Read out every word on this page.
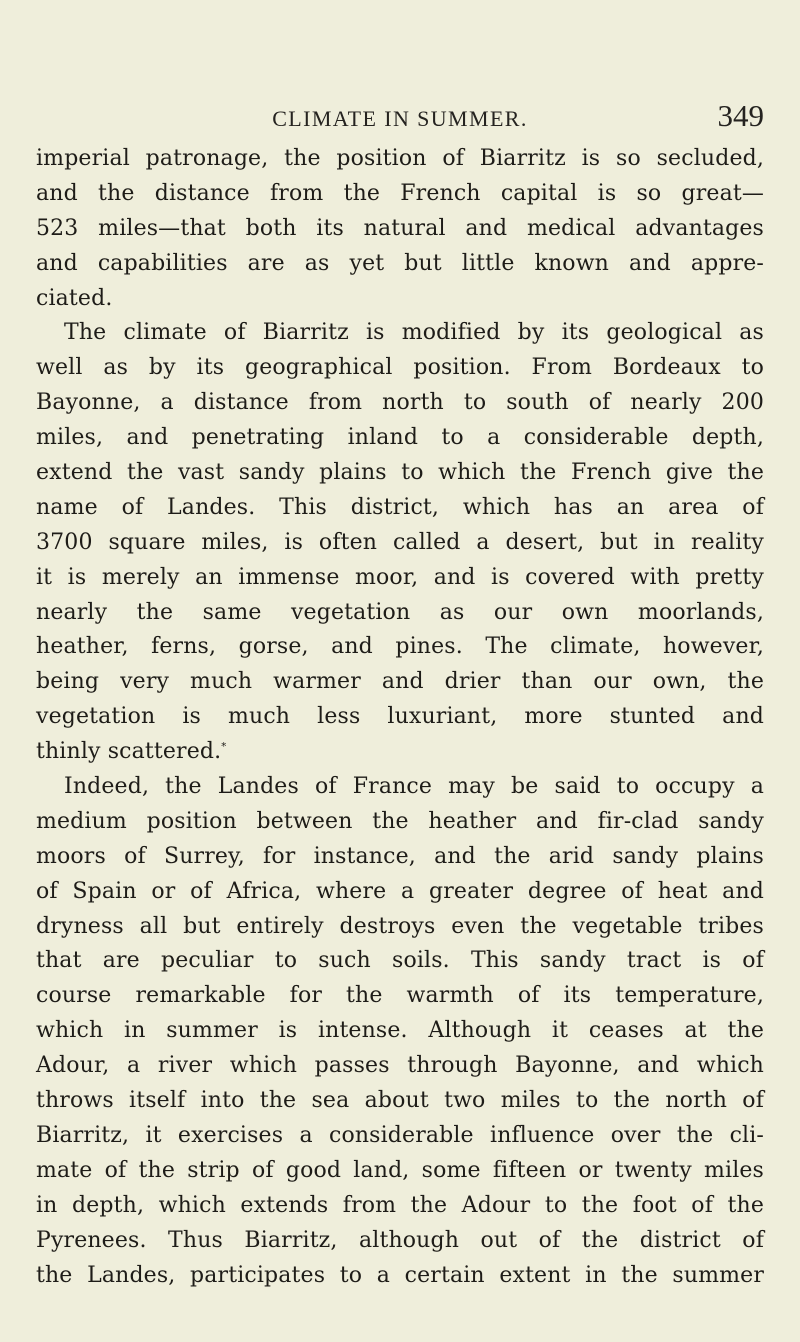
CLIMATE IN SUMMER.	349
imperial patronage, the position of Biarritz is so secluded,
and the distance from the French capital is so great—
523 miles—that both its natural and medical advantages
and capabilities are as yet but little known and appre-
ciated.
The climate of Biarritz is modified by its geological as
well as by its geographical position. From Bordeaux to
Bayonne, a distance from north to south of nearly 200
miles, and penetrating inland to a considerable depth,
extend the vast sandy plains to which the French give the
name of Landes. This district, which has an area of
3700 square miles, is often called a desert, but in reality
it is merely an immense moor, and is covered with pretty
nearly the same vegetation as our own moorlands,
heather, ferns, gorse, and pines. The climate, however,
being very much warmer and drier than our own, the
vegetation is much less luxuriant, more stunted and
thinly scattered.*
Indeed, the Landes of France may be said to occupy a
medium position between the heather and fir-clad sandy
moors of Surrey, for instance, and the arid sandy plains
of Spain or of Africa, where a greater degree of heat and
dryness all but entirely destroys even the vegetable tribes
that are peculiar to such soils. This sandy tract is of
course remarkable for the warmth of its temperature,
which in summer is intense. Although it ceases at the
Adour, a river which passes through Bayonne, and which
throws itself into the sea about two miles to the north of
Biarritz, it exercises a considerable influence over the cli-
mate of the strip of good land, some fifteen or twenty miles
in depth, which extends from the Adour to the foot of the
Pyrenees. Thus Biarritz, although out of the district of
the Landes, participates to a certain extent in the summer
